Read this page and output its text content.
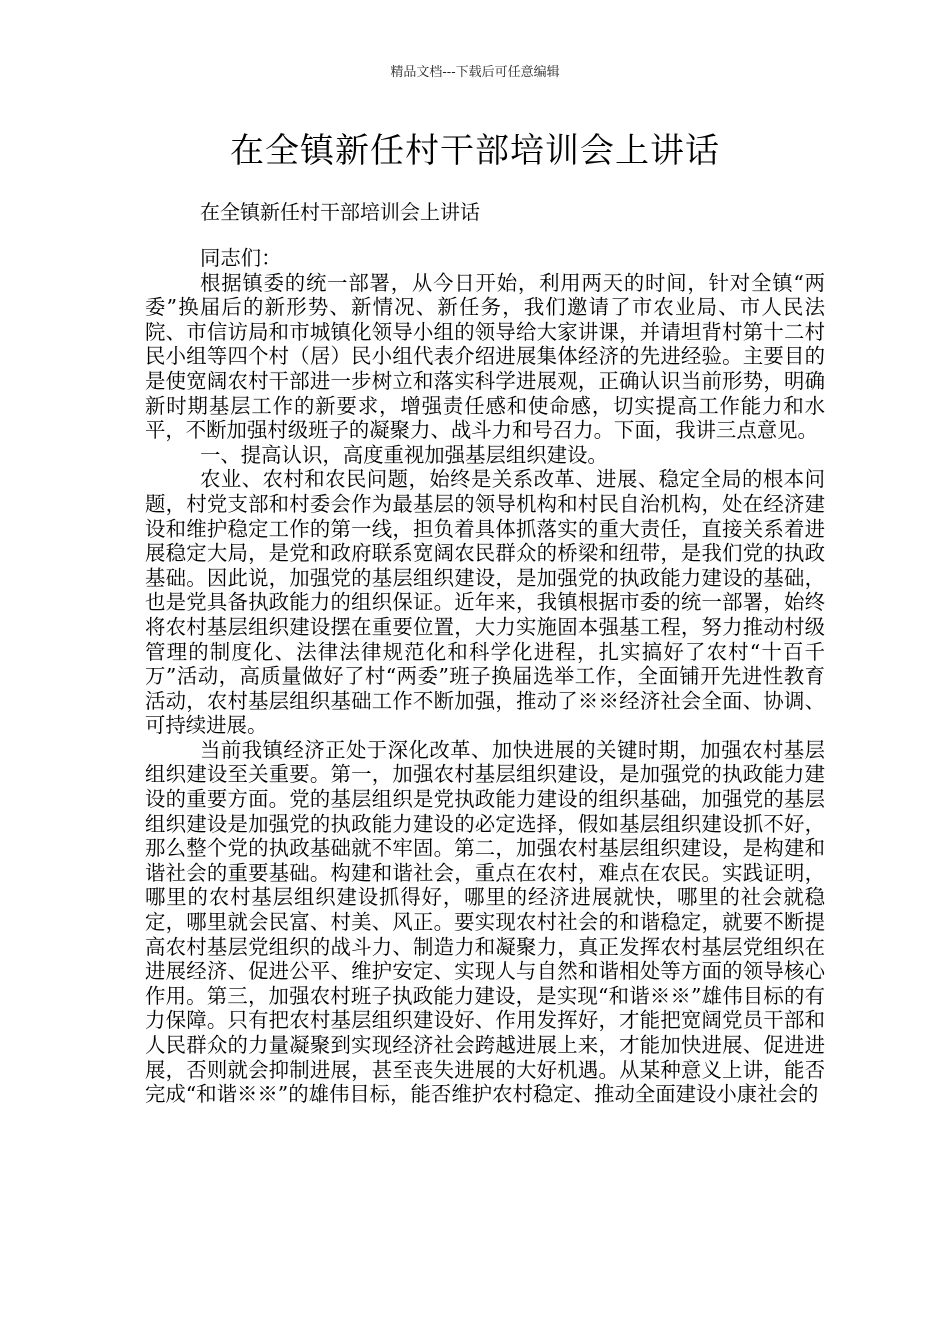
精品文档---下载后可任意编辑
在全镇新任村干部培训会上讲话

在全镇新任村干部培训会上讲话

同志们：

根据镇委的统一部署，从今日开始，利用两天的时间，针对全镇“两委”换届后的新形势、新情况、新任务，我们邀请了市农业局、市人民法院、市信访局和市城镇化领导小组的领导给大家讲课，并请坦背村第十二村民小组等四个村（居）民小组代表介绍进展集体经济的先进经验。主要目的是使宽阔农村干部进一步树立和落实科学进展观，正确认识当前形势，明确新时期基层工作的新要求，增强责任感和使命感，切实提高工作能力和水平，不断加强村级班子的凝聚力、战斗力和号召力。下面，我讲三点意见。

一、提高认识，高度重视加强基层组织建设。

农业、农村和农民问题，始终是关系改革、进展、稳定全局的根本问题，村党支部和村委会作为最基层的领导机构和村民自治机构，处在经济建设和维护稳定工作的第一线，担负着具体抓落实的重大责任，直接关系着进展稳定大局，是党和政府联系宽阔农民群众的桥梁和纽带，是我们党的执政基础。因此说，加强党的基层组织建设，是加强党的执政能力建设的基础，也是党具备执政能力的组织保证。近年来，我镇根据市委的统一部署，始终将农村基层组织建设摆在重要位置，大力实施固本强基工程，努力推动村级管理的制度化、法律法律规范化和科学化进程，扎实搞好了农村“十百千万”活动，高质量做好了村“两委”班子换届选举工作，全面铺开先进性教育活动，农村基层组织基础工作不断加强，推动了※※经济社会全面、协调、可持续进展。

当前我镇经济正处于深化改革、加快进展的关键时期，加强农村基层组织建设至关重要。第一，加强农村基层组织建设，是加强党的执政能力建设的重要方面。党的基层组织是党执政能力建设的组织基础，加强党的基层组织建设是加强党的执政能力建设的必定选择，假如基层组织建设抓不好，那么整个党的执政基础就不牢固。第二，加强农村基层组织建设，是构建和谐社会的重要基础。构建和谐社会，重点在农村，难点在农民。实践证明，哪里的农村基层组织建设抓得好，哪里的经济进展就快，哪里的社会就稳定，哪里就会民富、村美、风正。要实现农村社会的和谐稳定，就要不断提高农村基层党组织的战斗力、制造力和凝聚力，真正发挥农村基层党组织在进展经济、促进公平、维护安定、实现人与自然和谐相处等方面的领导核心作用。第三，加强农村班子执政能力建设，是实现“和谐※※”雄伟目标的有力保障。只有把农村基层组织建设好、作用发挥好，才能把宽阔党员干部和人民群众的力量凝聚到实现经济社会跨越进展上来，才能加快进展、促进进展，否则就会抑制进展，甚至丧失进展的大好机遇。从某种意义上讲，能否完成“和谐※※”的雄伟目标，能否维护农村稳定、推动全面建设小康社会的
